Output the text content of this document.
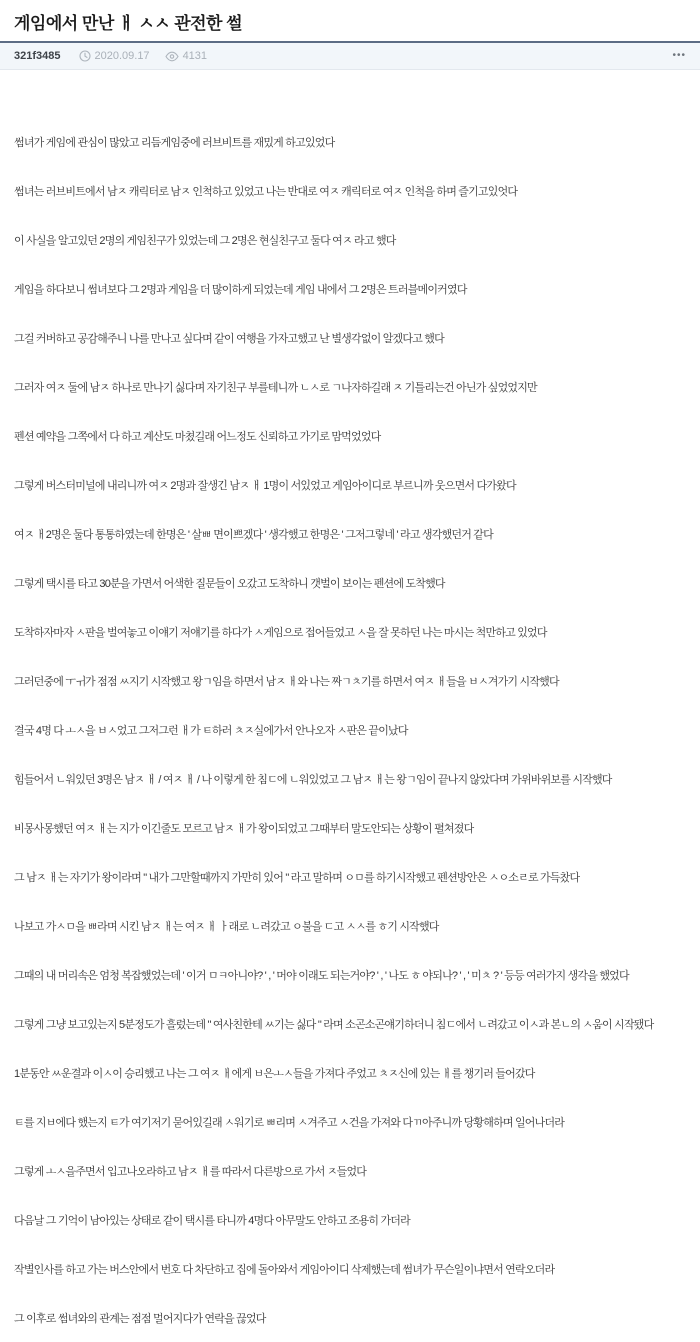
게임에서 만난 ㅐ ㅅㅅ 관전한 썰
321f3485	2020.09.17	4131	•••

썸녀가 게임에 관심이 많았고 리듬게임중에 러브비트를 재밌게 하고있었다

썸녀는 러브비트에서 남ㅈ 캐릭터로 남ㅈ 인척하고 있었고 나는 반대로 여ㅈ 캐릭터로 여ㅈ 인척을 하며 즐기고있엇다

이 사실을 알고있던 2명의 게임친구가 있었는데 그 2명은 현실친구고 둘다 여ㅈ 라고 했다

게임을 하다보니 썸녀보다 그 2명과 게임을 더 많이하게 되었는데 게임 내에서 그 2명은 트러블메이커였다

그걸 커버하고 공감해주니 나를 만나고 싶다며 같이 여행을 가자고했고 난 별생각없이 알겠다고 했다

그러자 여ㅈ 둘에 남ㅈ 하나로 만나기 싫다며 자기친구 부를테니까 ㄴㅅ로 ㄱ나자하길래 ㅈ 기틀리는건 아닌가 싶었었지만

펜션 예약을 그쪽에서 다 하고 계산도 마쳤길래 어느정도 신뢰하고 가기로 맘먹었었다

그렇게 버스터미널에 내리니까 여ㅈ 2명과 잘생긴 남ㅈ ㅐ 1명이 서있었고 게임아이디로 부르니까 웃으면서 다가왔다

여ㅈ ㅐ2명은 둘다 통통하였는데 한명은 ' 살ㅃ 면이쁘겠다 ' 생각했고 한명은 ' 그저그렇네 ' 라고 생각했던거 같다

그렇게 택시를 타고 30분을 가면서 어색한 질문들이 오갔고 도착하니 갯벌이 보이는 펜션에 도착했다

도착하자마자 ㅅ판을 벌여놓고 이얘기 저얘기를 하다가 ㅅ게임으로 접어들었고 ㅅ을 잘 못하던 나는 마시는 척만하고 있었다

그러던중에 ㅜㅟ가 점점 ㅆ지기 시작했고 왕ㄱ임을 하면서 남ㅈ ㅐ와 나는 짜ㄱㅊ기를 하면서 여ㅈ ㅐ들을 ㅂㅅ겨가기 시작했다

결국 4명 다 ㅗㅅ을 ㅂㅅ었고 그저그런 ㅐ가 ㅌ하러 ㅊㅈ실에가서 안나오자 ㅅ판은 끝이났다

힘들어서 ㄴ워있던 3명은 남ㅈ ㅐ / 여ㅈ ㅐ / 나 이렇게 한 침ㄷ에 ㄴ워있었고 그 남ㅈ ㅐ는 왕ㄱ임이 끝나지 않았다며 가위바위보를 시작했다

비몽사몽했던 여ㅈ ㅐ는 지가 이긴줄도 모르고 남ㅈ ㅐ가 왕이되었고 그때부터 말도안되는 상황이 펼쳐졌다

그 남ㅈ ㅐ는 자기가 왕이라며 " 내가 그만할때까지 가만히 있어 " 라고 말하며 ㅇㅁ를 하기시작했고 펜션방안은 ㅅㅇ소ㄹ로 가득찼다

나보고 가ㅅㅁ을 ㅃ라며 시킨 남ㅈ ㅐ는 여ㅈ ㅐ ㅏ래로 ㄴ려갔고 ㅇ불을 ㄷ고 ㅅㅅ를 ㅎ기 시작했다

그때의 내 머리속은 엄청 복잡했었는데 ' 이거 ㅁㅋ아니야? ' , ' 머야 이래도 되는거야? ' , ' 나도 ㅎ 야되나? ' , ' 미ㅊ ? ' 등등 여러가지 생각을 했었다

그렇게 그냥 보고있는지 5분정도가 흘렀는데 " 여사친한테 ㅆ기는 싫다 " 라며 소곤소곤얘기하더니 침ㄷ에서 ㄴ려갔고 이ㅅ과 본ㄴ의 ㅅ움이 시작됐다

1분동안 ㅆ운결과 이ㅅ이 승리했고 나는 그 여ㅈ ㅐ에게 ㅂ은ㅗㅅ들을 가져다 주었고 ㅊㅈ신에 있는 ㅐ를 챙기러 들어갔다

ㅌ를 지ㅂ에다 했는지 ㅌ가 여기저기 묻어있길래 ㅅ워기로 ㅃ리며 ㅅ겨주고 ㅅ건을 가져와 다ㄲ아주니까 당황해하며 일어나더라

그렇게 ㅗㅅ을주면서 입고나오라하고 남ㅈ ㅐ를 따라서 다른방으로 가서 ㅈ들었다

다음날 그 기억이 남아있는 상태로 같이 택시를 타니까 4명다 아무말도 안하고 조용히 가더라

작별인사를 하고 가는 버스안에서 번호 다 차단하고 집에 돌아와서 게임아이디 삭제했는데 썸녀가 무슨일이냐면서 연락오더라

그 이후로 썸녀와의 관계는 점점 멀어지다가 연락을 끊었다
